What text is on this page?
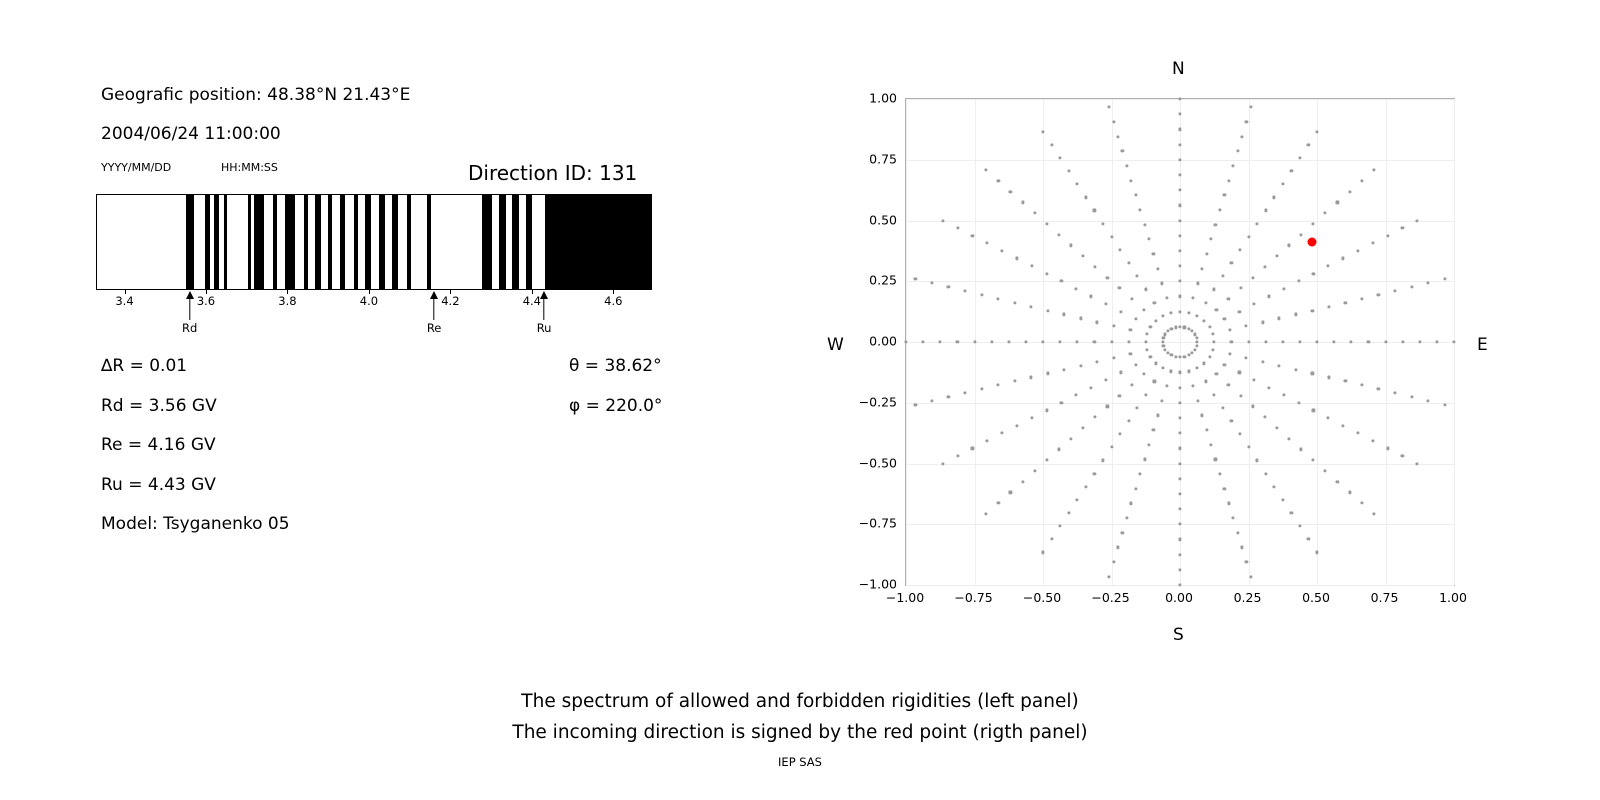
Geografic position: 48.38°N 21.43°E
2004/06/24 11:00:00
YYYY/MM/DD	HH:MM:SS	Direction ID: 131
3.4	3.6	3.8	4.0	4.2	4.4	4.6
∆R = 0.01
Rd = 3.56 GV
Re = 4.16 GV
Ru = 4.43 GV
Model: Tsyganenko 05
θ = 38.62°
φ = 220.0°
Rd	Re	Ru
N
S
W	E
The spectrum of allowed and forbidden rigidities (left panel)
The incoming direction is signed by the red point (rigth panel)
IEP SAS
−1.00 −0.75 −0.50 −0.25	0.00	0.25	0.50	0.75	1.00
−1.00
−0.75
−0.50
−0.25
0.00
0.25
0.50
0.75
1.00
